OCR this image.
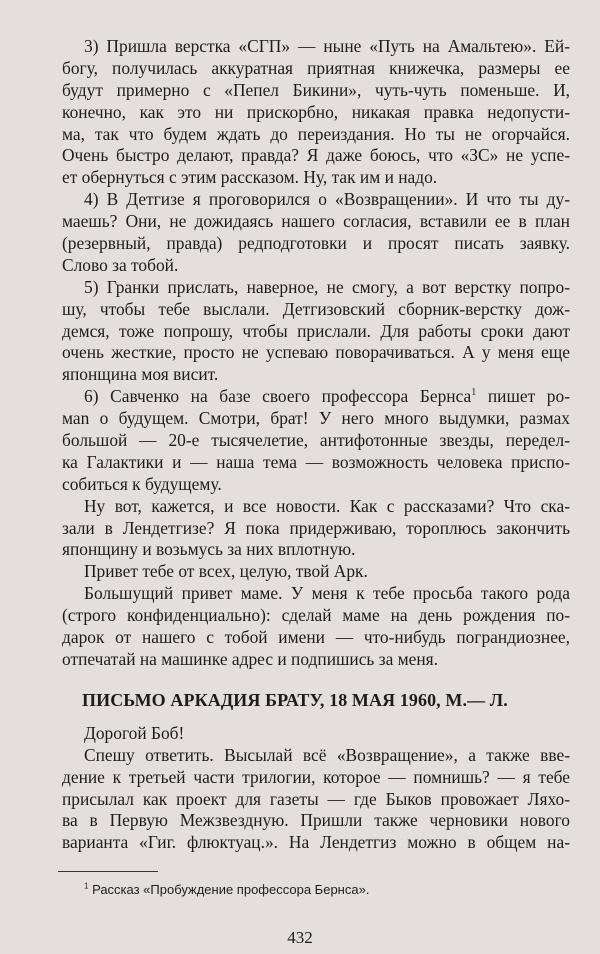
3) Пришла верстка «СГП» — ныне «Путь на Амальтею». Ей-
богу, получилась аккуратная приятная книжечка, размеры ее
будут примерно с «Пепел Бикини», чуть-чуть поменьше. И,
конечно, как это ни прискорбно, никакая правка недопусти-
ма, так что будем ждать до переиздания. Но ты не огорчайся.
Очень быстро делают, правда? Я даже боюсь, что «ЗС» не успе-
ет обернуться с этим рассказом. Ну, так им и надо.
4) В Детгизе я проговорился о «Возвращении». И что ты ду-
маешь? Они, не дожидаясь нашего согласия, вставили ее в план
(резервный, правда) редподготовки и просят писать заявку.
Слово за тобой.
5) Гранки прислать, наверное, не смогу, а вот верстку попро-
шу, чтобы тебе выслали. Детгизовский сборник-верстку дож-
демся, тоже попрошу, чтобы прислали. Для работы сроки дают
очень жесткие, просто не успеваю поворачиваться. А у меня еще
японщина моя висит.
6) Савченко на базе своего профессора Бернса$^1$ пишет ро-
маn о будущем. Смотри, брат! У него много выдумки, размах
большой — 20-е тысячелетие, антифотонные звезды, передел-
ка Галактики и — наша тема — возможность человека приспо-
собиться к будущему.
Ну вот, кажется, и все новости. Как с рассказами? Что ска-
зали в Лендетгизе? Я пока придерживаю, тороплюсь закончить
японщину и возьмусь за них вплотную.
Привет тебе от всех, целую, твой Арк.
Большущий привет маме. У меня к тебе просьба такого рода
(строго конфиденциально): сделай маме на день рождения по-
дарок от нашего с тобой имени — что-нибудь пограндиознее,
отпечатай на машинке адрес и подпишись за меня.
ПИСЬМО АРКАДИЯ БРАТУ, 18 МАЯ 1960, М.— Л.
Дорогой Боб!
Спешу ответить. Высылай всё «Возвращение», а также вве-
дение к третьей части трилогии, которое — помнишь? — я тебе
присылал как проект для газеты — где Быков провожает Ляхо-
ва в Первую Межзвездную. Пришли также черновики нового
варианта «Гиг. флюктуац.». На Лендетгиз можно в общем на-
$^1$ Рассказ «Пробуждение профессора Бернса».
432
